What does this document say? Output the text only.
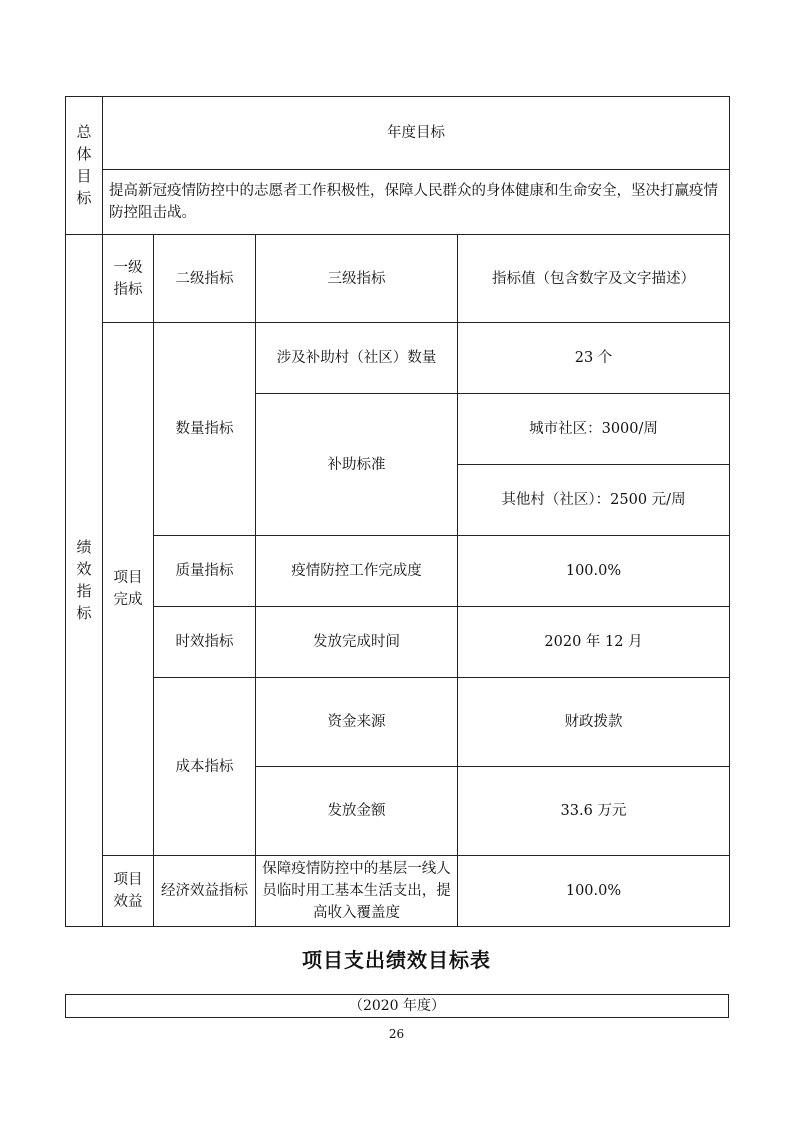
总体目标	年度目标			
	提高新冠疫情防控中的志愿者工作积极性，保障人民群众的身体健康和生命安全，坚决打赢疫情防控阻击战。			
绩效指标	一级指标	二级指标	三级指标	指标值（包含数字及文字描述）
	项目完成	数量指标	涉及补助村（社区）数量	23 个
			补助标准	城市社区：3000/周
				其他村（社区）：2500 元/周
		质量指标	疫情防控工作完成度	100.0%
		时效指标	发放完成时间	2020 年 12 月
		成本指标	资金来源	财政拨款
			发放金额	33.6 万元
	项目效益	经济效益指标	保障疫情防控中的基层一线人员临时用工基本生活支出，提高收入覆盖度	100.0%
项目支出绩效目标表
（2020 年度）
26
